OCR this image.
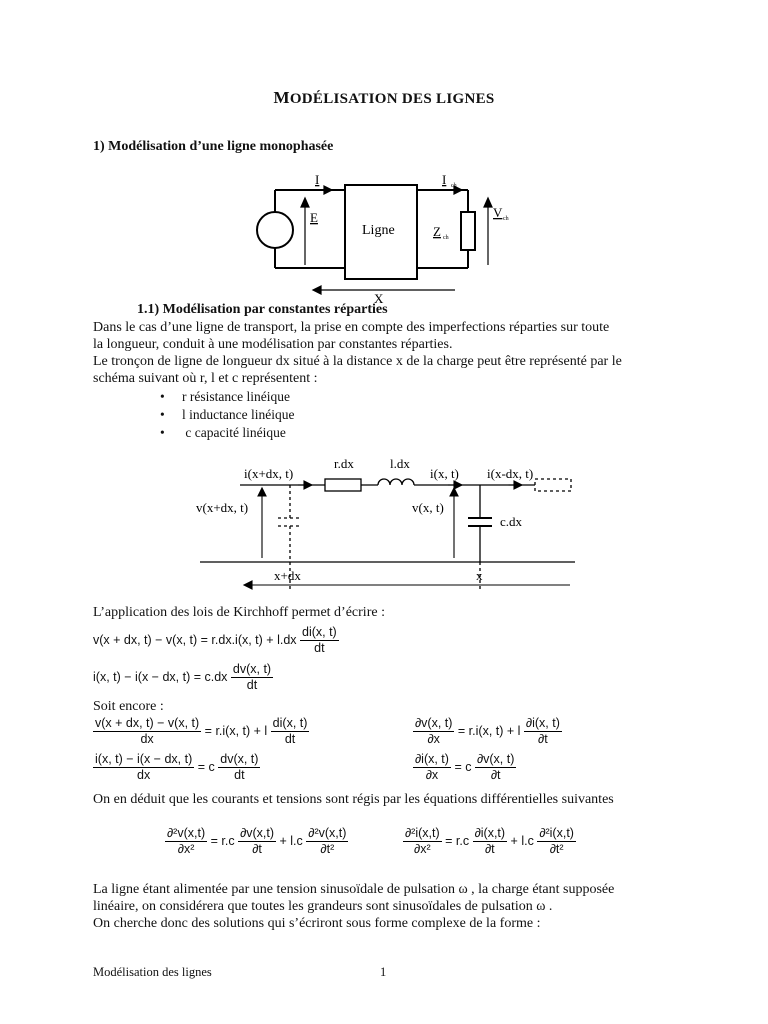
MODÉLISATION DES LIGNES
1) Modélisation d’une ligne monophasée
I
E
Ligne
I ch
Z ch
V ch
X
1.1) Modélisation par constantes réparties
Dans le cas d’une ligne de transport, la prise en compte des imperfections réparties sur toute
la longueur, conduit à une modélisation par constantes réparties.
Le tronçon de ligne de longueur dx situé à la distance x de la charge peut être représenté par le
schéma suivant où r, l et c représentent :
• r résistance linéique
• l inductance linéique
• c capacité linéique
r.dx	l.dx
i(x+dx, t)	i(x, t) i(x-dx, t)
v(x+dx, t)	v(x, t)
c.dx
x+dx	x
L’application des lois de Kirchhoff permet d’écrire :
v(x + dx, t) − v(x, t) = r.dx.i(x, $t) + l.dx \frac{di(x, t)}{dt}$
i(x, t) − i(x − dx, $t) = c.dx \frac{dv(x, t)}{dt}$
Soit encore :
$\frac{v(x + dx, t) - v(x, t)}{dx} = r.i(x$, t) + l $\frac{di(x, t)}{dt}$
$\frac{i(x, t) - i(x - dx, t)}{dx} = c \frac{dv(x, t)}{dt}$
$\frac{\partial v(x, t)}{\partial x} = r.i(x$, t) + l $\frac{\partial i(x, t)}{\partial t}$
$\frac{\partial i(x, t)}{\partial x} = c \frac{\partial v(x, t)}{\partial t}$
On en déduit que les courants et tensions sont régis par les équations différentielles suivantes
$\frac{\text{∂²v(x,t)}}{\text{∂x²}} = r.c \frac{\partial v(x,t)}{\partial t} + l.c \frac{\text{∂²v(x,t)}}{\text{∂t²}}$	$\frac{\text{∂²i(x,t)}}{\text{∂x²}} = r.c \frac{\partial i(x,t)}{\partial t} + l.c \frac{\text{∂²i(x,t)}}{\text{∂t²}}$
La ligne étant alimentée par une tension sinusoïdale de pulsation ω , la charge étant supposée
linéaire, on considérera que toutes les grandeurs sont sinusoïdales de pulsation ω .
On cherche donc des solutions qui s’écriront sous forme complexe de la forme :
Modélisation des lignes	1
